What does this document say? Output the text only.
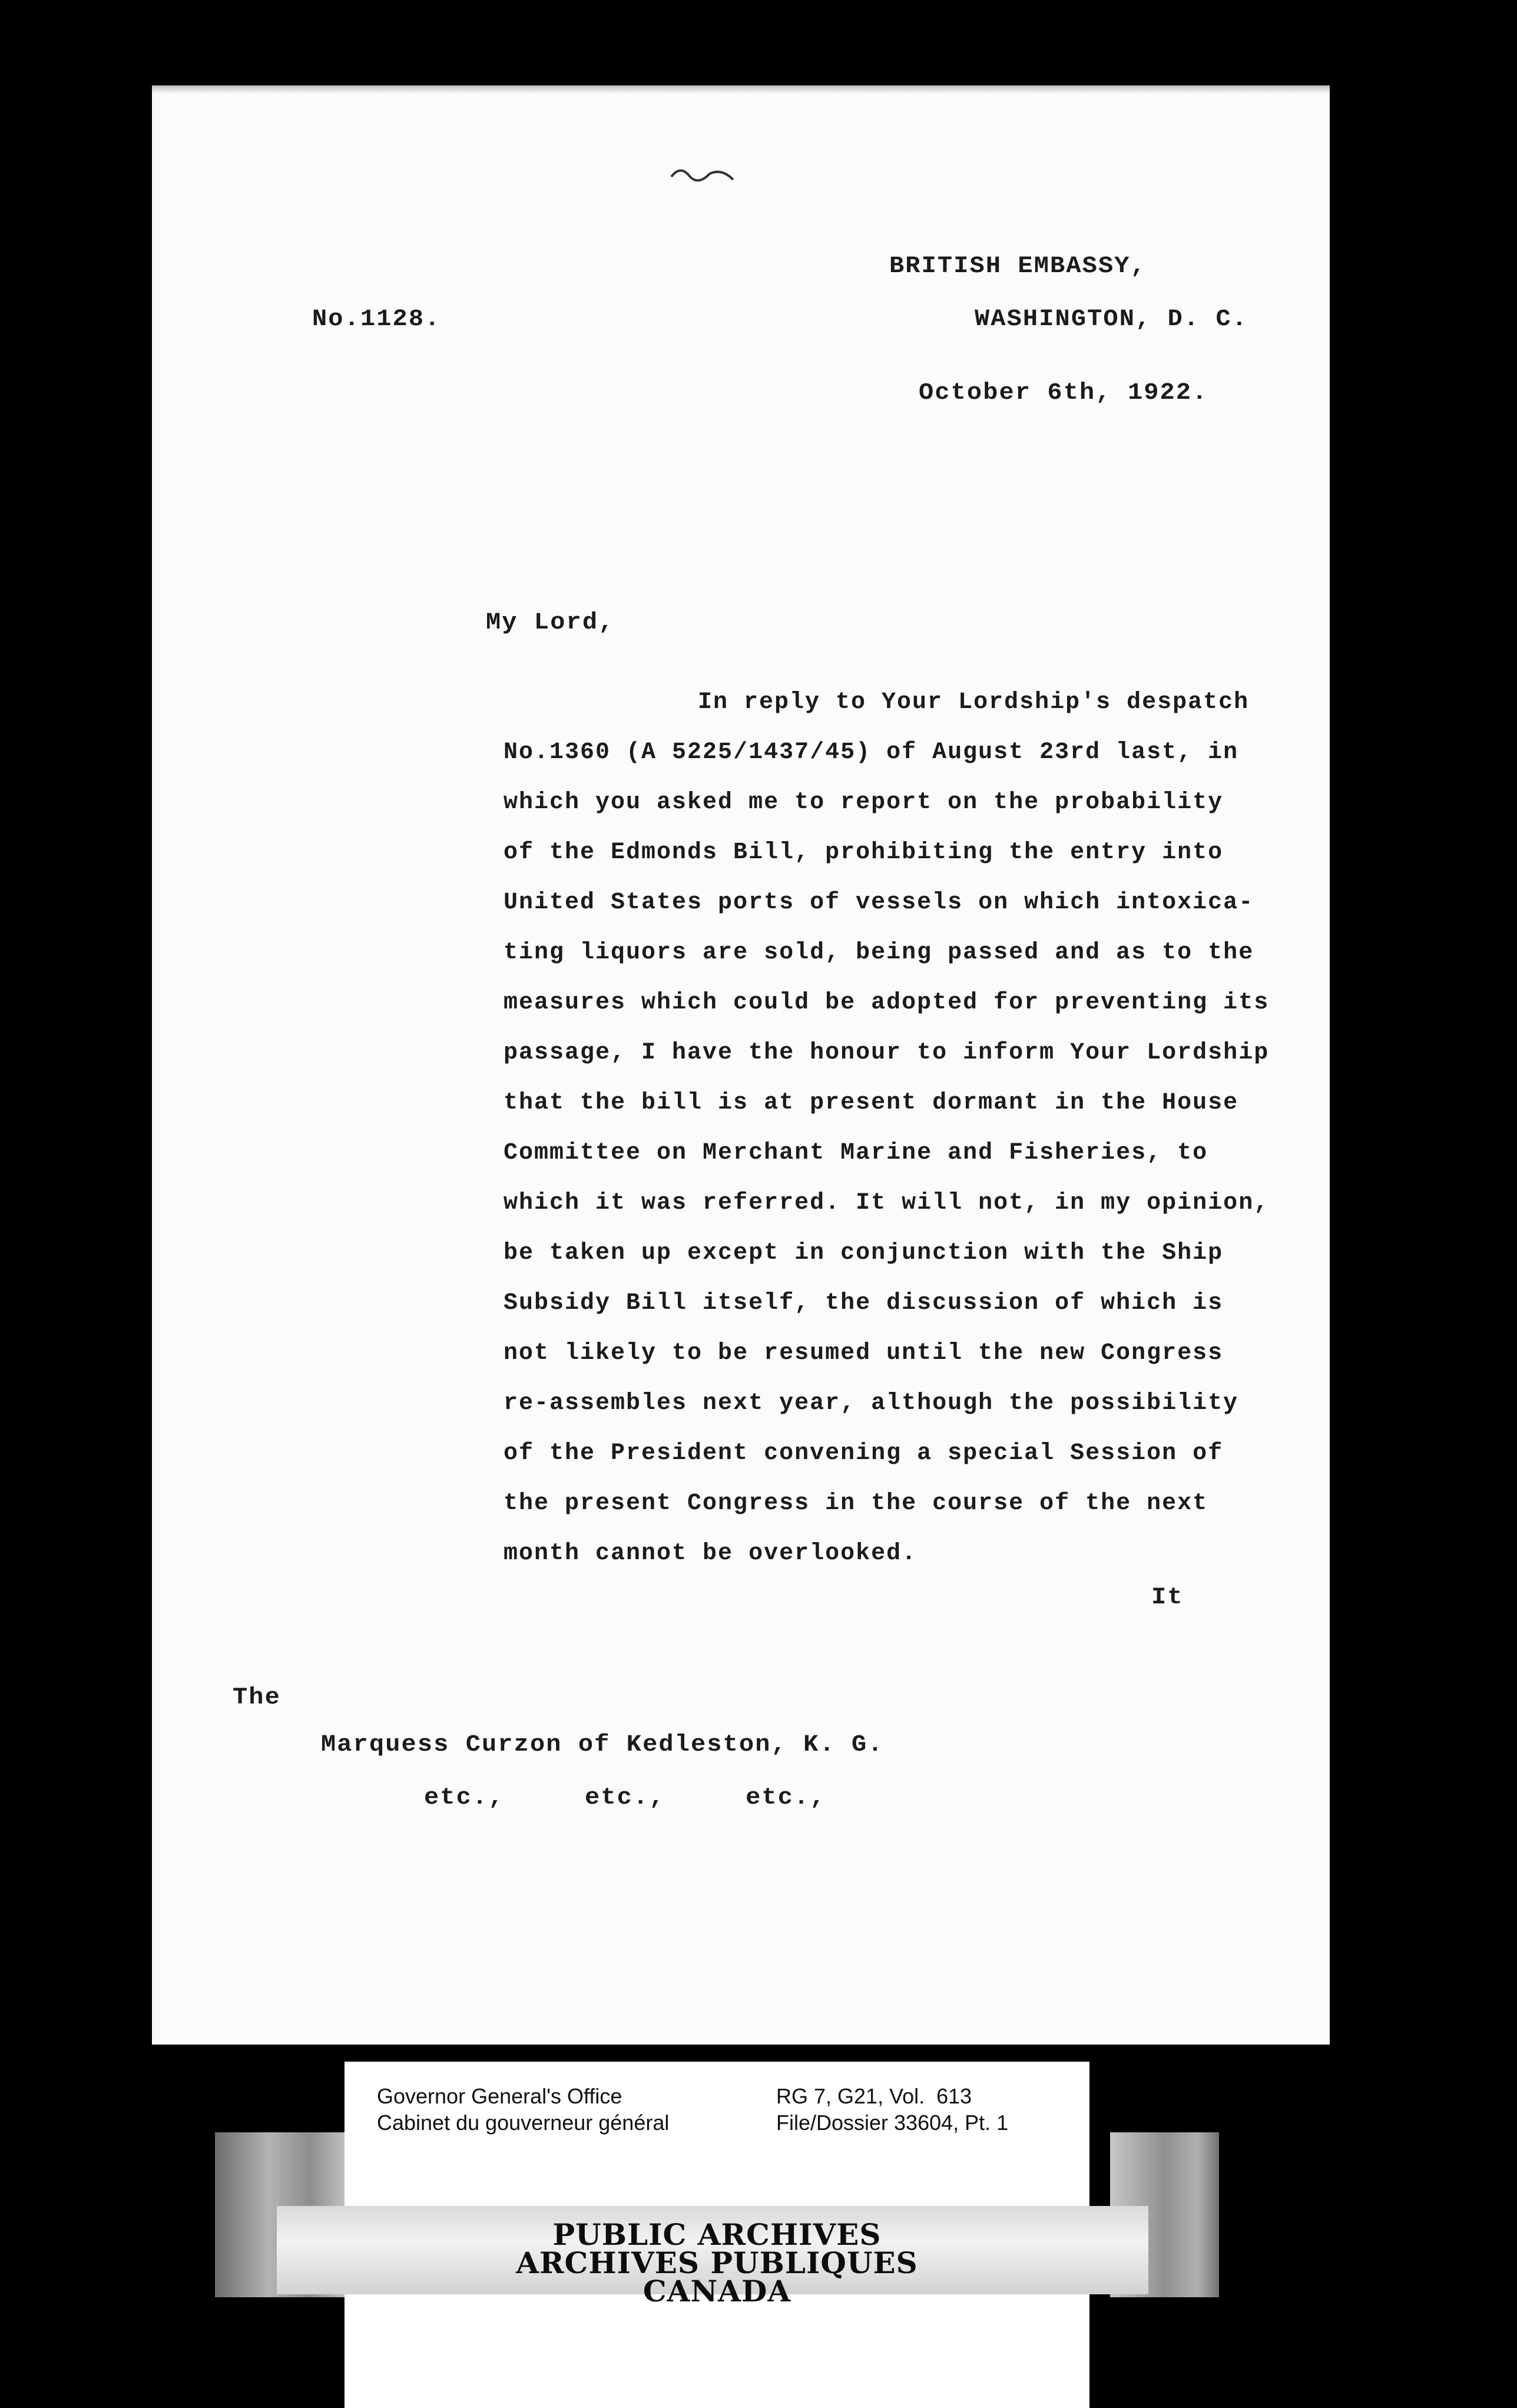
BRITISH EMBASSY,
No.1128.	WASHINGTON, D. C.
October 6th, 1922.
My Lord,
In reply to Your Lordship's despatch
No.1360 (A 5225/1437/45) of August 23rd last, in
which you asked me to report on the probability
of the Edmonds Bill, prohibiting the entry into
United States ports of vessels on which intoxica-
ting liquors are sold, being passed and as to the
measures which could be adopted for preventing its
passage, I have the honour to inform Your Lordship
that the bill is at present dormant in the House
Committee on Merchant Marine and Fisheries, to
which it was referred. It will not, in my opinion,
be taken up except in conjunction with the Ship
Subsidy Bill itself, the discussion of which is
not likely to be resumed until the new Congress
re-assembles next year, although the possibility
of the President convening a special Session of
the present Congress in the course of the next
month cannot be overlooked.
It
The
Marquess Curzon of Kedleston, K. G.
etc.,     etc.,     etc.,
Governor General's Office
Cabinet du gouverneur général
RG 7, G21, Vol.  613
File/Dossier 33604, Pt. 1
PUBLIC ARCHIVES
ARCHIVES PUBLIQUES
CANADA
